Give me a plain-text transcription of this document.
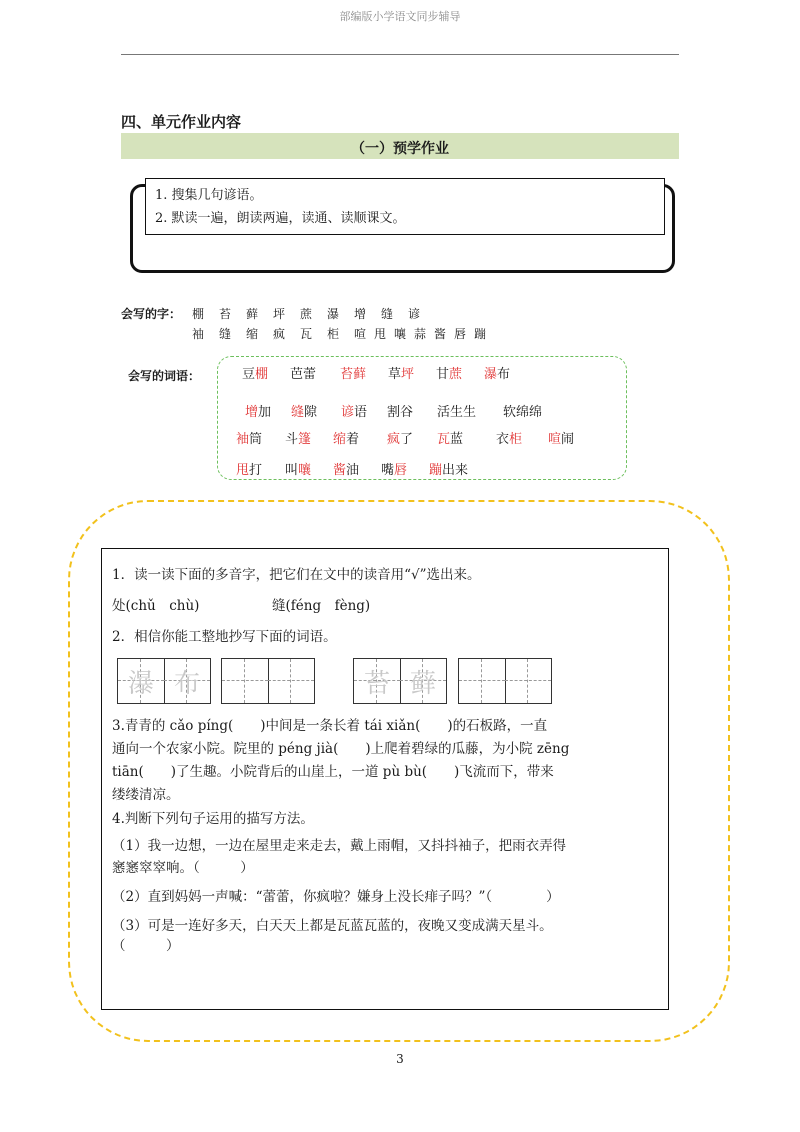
部编版小学语文同步辅导
四、单元作业内容
（一）预学作业
1. 搜集几句谚语。
2. 默读一遍，朗读两遍，读通、读顺课文。
会写的字： 棚 苔 藓 坪 蔗 瀑 增 缝 谚
袖 缝 缩 疯 瓦 柜 喧 甩 嚷 蒜 酱 唇 蹦
会写的词语：	豆棚 芭蕾 苔藓 草坪 甘蔗 瀑布
增加 缝隙 谚语 割谷 活生生 软绵绵
袖筒 斗篷 缩着 疯了 瓦蓝	衣柜 喧闹
甩打 叫嚷 酱油 嘴唇 蹦出来
1．读一读下面的多音字，把它们在文中的读音用“√”选出来。
处(chǔ　chù)	缝(féng　fèng)
2．相信你能工整地抄写下面的词语。
瀑 布	苔 藓
3.青青的 cǎo píng(　　)中间是一条长着 tái xiǎn(　　)的石板路，一直
通向一个农家小院。院里的 péng jià(　　)上爬着碧绿的瓜藤，为小院 zēng
tiān(　　)了生趣。小院背后的山崖上，一道 pù bù(　　)飞流而下，带来
缕缕清凉。
4.判断下列句子运用的描写方法。
（1）我一边想，一边在屋里走来走去，戴上雨帽，又抖抖袖子，把雨衣弄得
窸窸窣窣响。（　　　）
（2）直到妈妈一声喊：“蕾蕾，你疯啦？嫌身上没长痱子吗？”（　　　　）
（3）可是一连好多天，白天天上都是瓦蓝瓦蓝的，夜晚又变成满天星斗。
（　　　）
3
